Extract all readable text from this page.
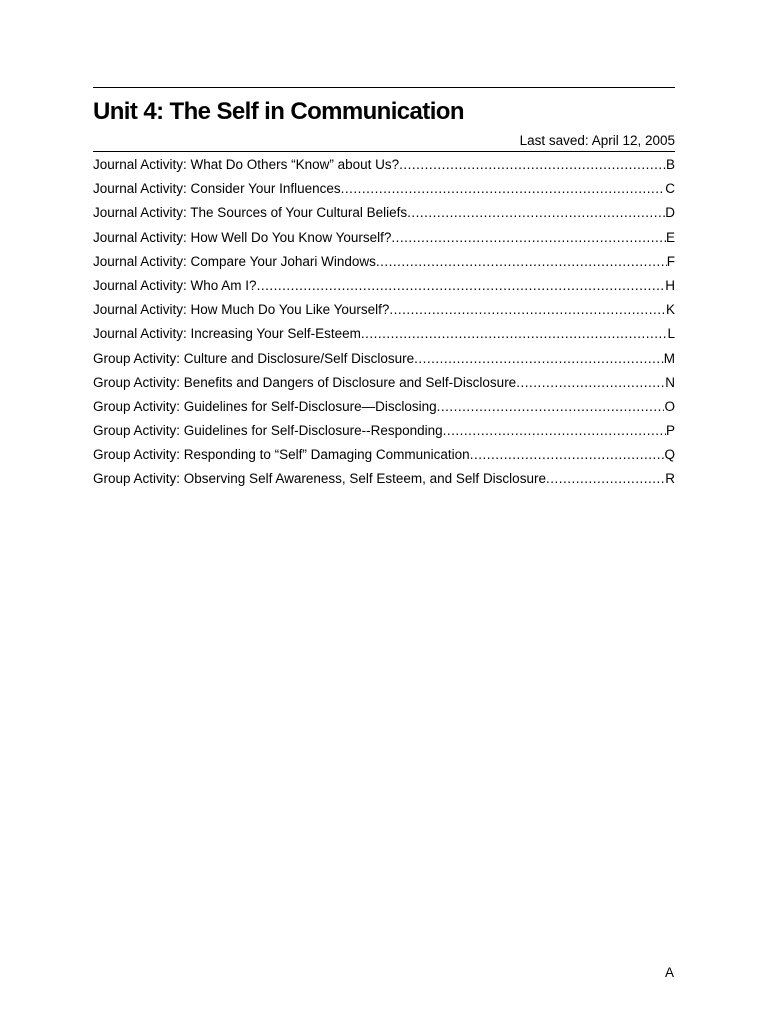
Unit 4: The Self in Communication
Last saved: April 12, 2005
Journal Activity: What Do Others “Know” about Us? .....	B
Journal Activity: Consider Your Influences .....	C
Journal Activity: The Sources of Your Cultural Beliefs .....	D
Journal Activity: How Well Do You Know Yourself? .....	E
Journal Activity: Compare Your Johari Windows .....	F
Journal Activity: Who Am I? .....	H
Journal Activity: How Much Do You Like Yourself? .....	K
Journal Activity: Increasing Your Self-Esteem .....	L
Group Activity: Culture and Disclosure/Self Disclosure .....	M
Group Activity: Benefits and Dangers of Disclosure and Self-Disclosure .....	N
Group Activity: Guidelines for Self-Disclosure—Disclosing .....	O
Group Activity: Guidelines for Self-Disclosure--Responding .....	P
Group Activity: Responding to “Self” Damaging Communication .....	Q
Group Activity: Observing Self Awareness, Self Esteem, and Self Disclosure .....	R
A
